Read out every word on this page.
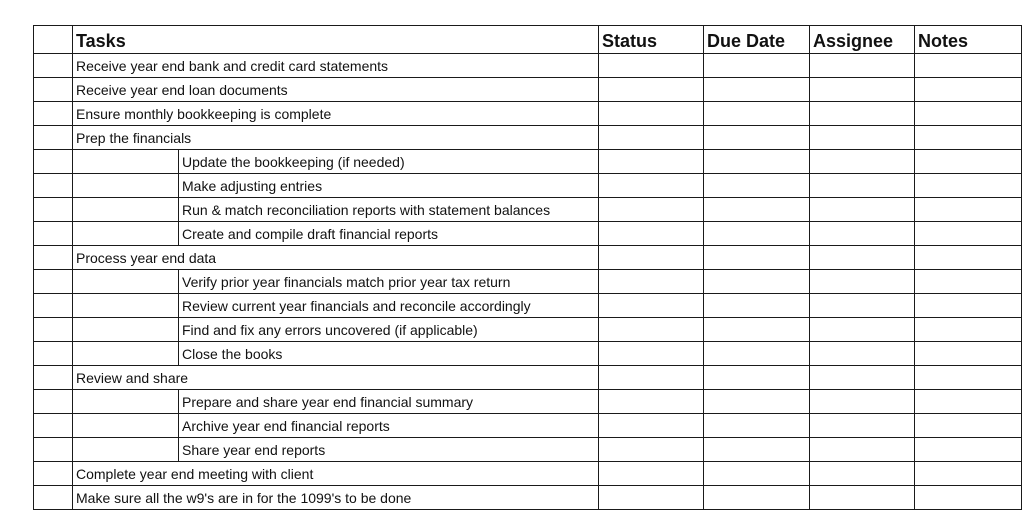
	Tasks		Status	Due Date	Assignee	Notes
	Receive year end bank and credit card statements					
	Receive year end loan documents					
	Ensure monthly bookkeeping is complete					
	Prep the financials					
		Update the bookkeeping (if needed)				
		Make adjusting entries				
		Run & match reconciliation reports with statement balances				
		Create and compile draft financial reports				
	Process year end data					
		Verify prior year financials match prior year tax return				
		Review current year financials and reconcile accordingly				
		Find and fix any errors uncovered (if applicable)				
		Close the books				
	Review and share					
		Prepare and share year end financial summary				
		Archive year end financial reports				
		Share year end reports				
	Complete year end meeting with client					
	Make sure all the w9's are in for the 1099's to be done					
